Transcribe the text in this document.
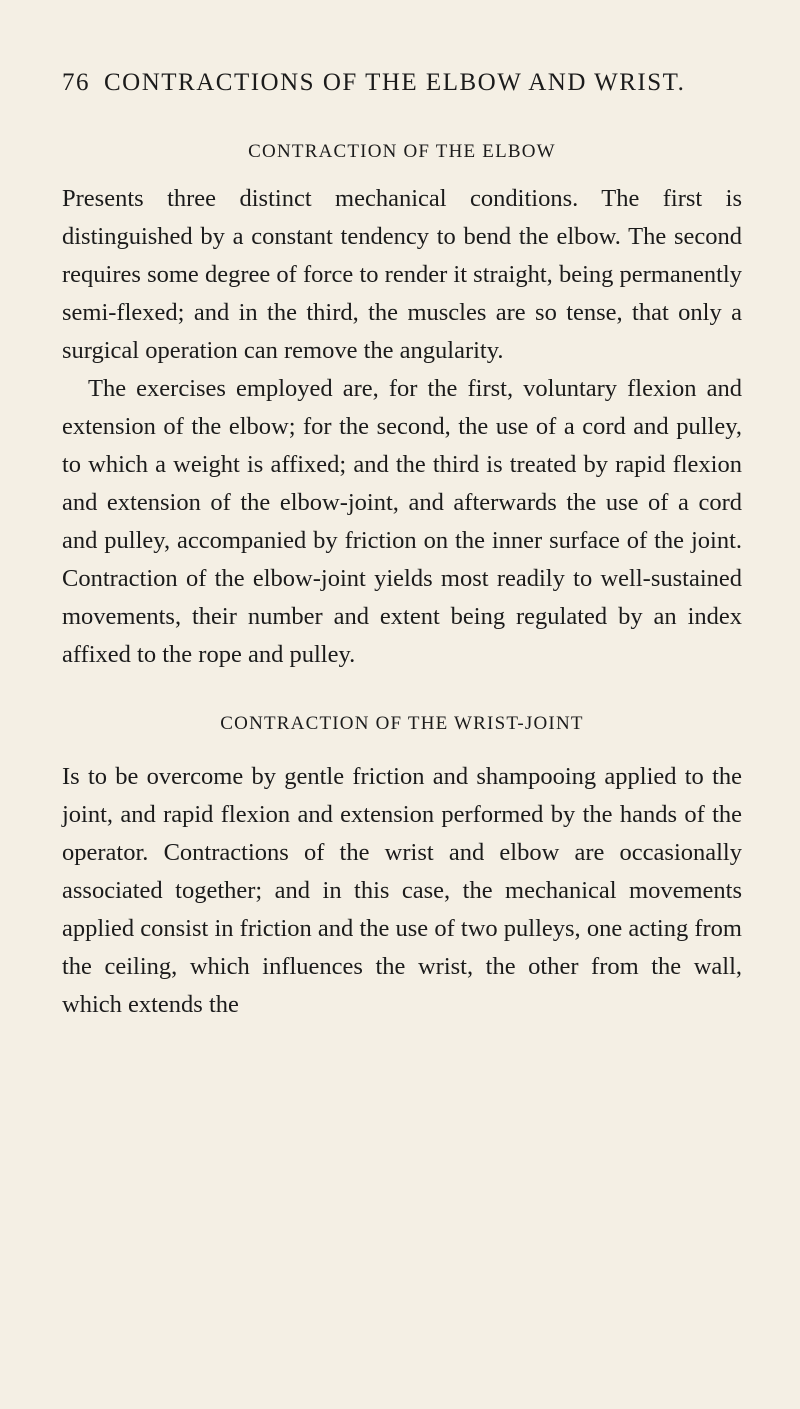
76 CONTRACTIONS OF THE ELBOW AND WRIST.
CONTRACTION OF THE ELBOW

Presents three distinct mechanical conditions. The first is distinguished by a constant tendency to bend the elbow. The second requires some degree of force to render it straight, being permanently semi-flexed; and in the third, the muscles are so tense, that only a surgical operation can remove the angularity.

The exercises employed are, for the first, voluntary flexion and extension of the elbow; for the second, the use of a cord and pulley, to which a weight is affixed; and the third is treated by rapid flexion and extension of the elbow-joint, and afterwards the use of a cord and pulley, accompanied by friction on the inner surface of the joint. Contraction of the elbow-joint yields most readily to well-sustained movements, their number and extent being regulated by an index affixed to the rope and pulley.

CONTRACTION OF THE WRIST-JOINT

Is to be overcome by gentle friction and shampooing applied to the joint, and rapid flexion and extension performed by the hands of the operator. Contractions of the wrist and elbow are occasionally associated together; and in this case, the mechanical movements applied consist in friction and the use of two pulleys, one acting from the ceiling, which influences the wrist, the other from the wall, which extends the
